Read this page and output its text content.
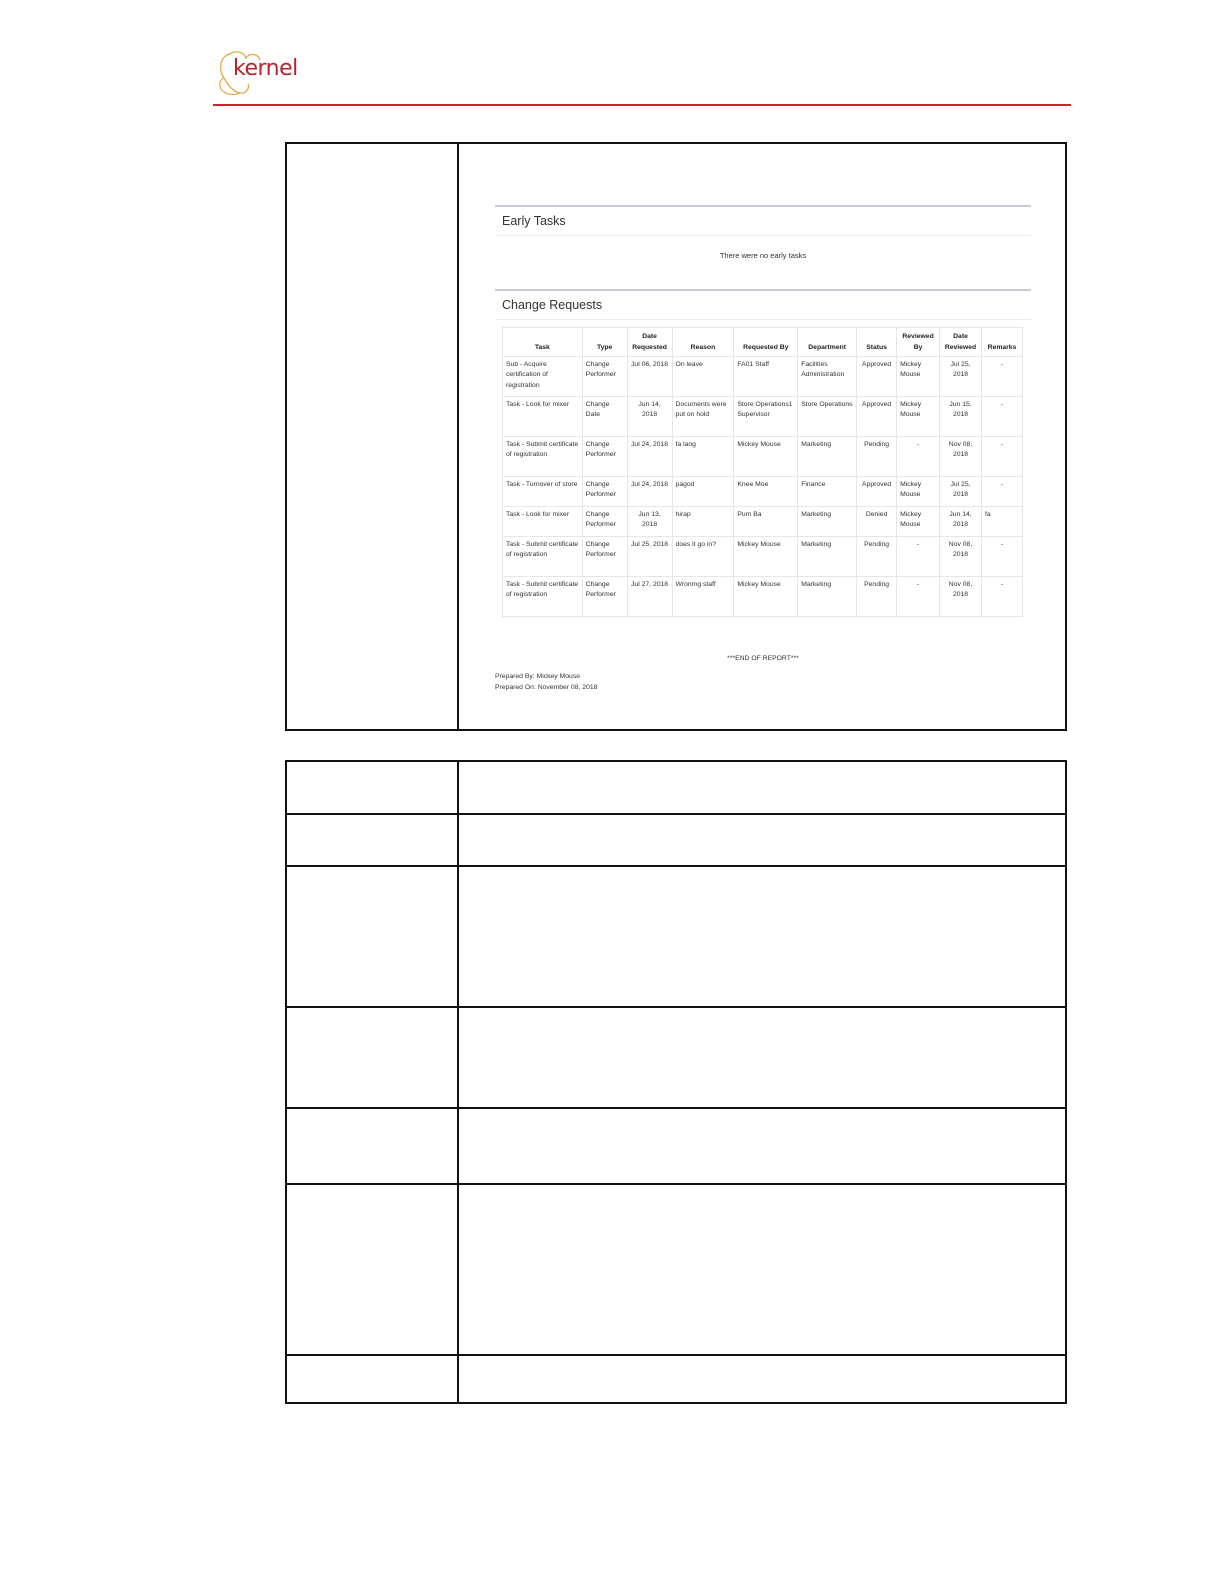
kernel
Early Tasks
There were no early tasks
Change Requests
Task	Type	Date Requested	Reason	Requested By	Department	Status	Reviewed By	Date Reviewed	Remarks
Sub - Acquire certification of registration	Change Performer	Jul 06, 2018	On leave	FA01 Staff	Facilities Administration	Approved	Mickey Mouse	Jul 25, 2018	-
Task - Look for mixer	Change Date	Jun 14, 2018	Documents were put on hold	Store Operations1 Supervisor	Store Operations	Approved	Mickey Mouse	Jun 15, 2018	-
Task - Submit certificate of registration	Change Performer	Jul 24, 2018	fa lang	Mickey Mouse	Marketing	Pending	-	Nov 08, 2018	-
Task - Turnover of store	Change Performer	Jul 24, 2018	pagod	Knee Moe	Finance	Approved	Mickey Mouse	Jul 25, 2018	-
Task - Look for mixer	Change Performer	Jun 13, 2018	hirap	Pum Ba	Marketing	Denied	Mickey Mouse	Jun 14, 2018	fa
Task - Submit certificate of registration	Change Performer	Jul 25, 2018	does it go in?	Mickey Mouse	Marketing	Pending	-	Nov 08, 2018	-
Task - Submit certificate of registration	Change Performer	Jul 27, 2018	Wronmg staff	Mickey Mouse	Marketing	Pending	-	Nov 08, 2018	-
***END OF REPORT***
Prepared By: Mickey Mouse
Prepared On: November 08, 2018
